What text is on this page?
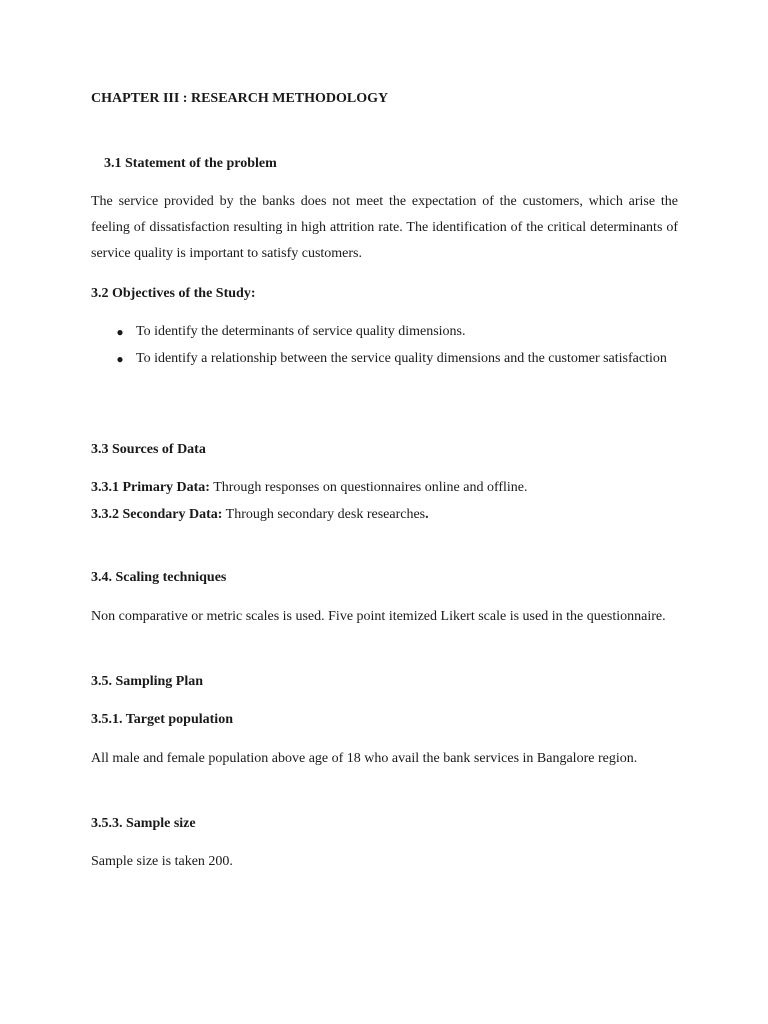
CHAPTER III : RESEARCH METHODOLOGY
3.1 Statement of the problem

The service provided by the banks does not meet the expectation of the customers, which arise the feeling of dissatisfaction resulting in high attrition rate. The identification of the critical determinants of service quality is important to satisfy customers.

3.2 Objectives of the Study:
● To identify the determinants of service quality dimensions.
● To identify a relationship between the service quality dimensions and the customer satisfaction
3.3 Sources of Data
3.3.1 Primary Data: Through responses on questionnaires online and offline.
3.3.2 Secondary Data: Through secondary desk researches.
3.4. Scaling techniques

Non comparative or metric scales is used. Five point itemized Likert scale is used in the questionnaire.

3.5. Sampling Plan
3.5.1. Target population

All male and female population above age of 18 who avail the bank services in Bangalore region.

3.5.3. Sample size
Sample size is taken 200.
